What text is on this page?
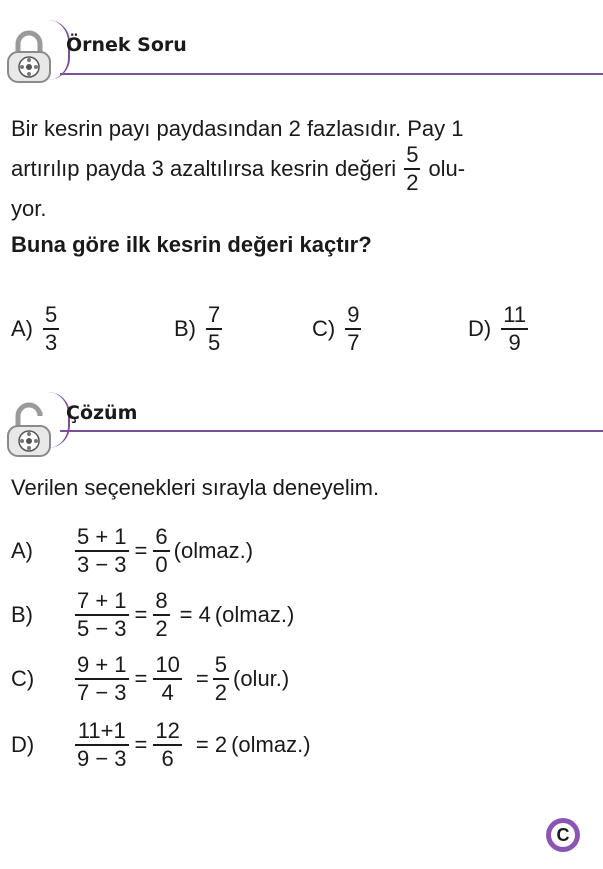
Örnek Soru
Bir kesrin payı paydasından 2 fazlasıdır. Pay 1
artırılıp payda 3 azaltılırsa kesrin değeri $\frac{5}{2} olu-$
yor.
Buna göre ilk kesrin değeri kaçtır?
$A) \frac{5}{3}$	$B) \frac{7}{5}$	$C) \frac{9}{7}$	$D) \frac{11}{9}$
Çözüm
Verilen seçenekleri sırayla deneyelim.
A)	$\frac{5 + 1}{3 - 3} = \frac{6}{0}$ (olmaz.)
B)	$\frac{7 + 1}{5 - 3} = \frac{8}{2} = 4$ (olmaz.)
C)	$\frac{9 + 1}{7 - 3} = \frac{10}{4} = \frac{5}{2}$ (olur.)
D)	$\frac{11+1}{9 - 3} = \frac{12}{6} = 2$ (olmaz.)
C
